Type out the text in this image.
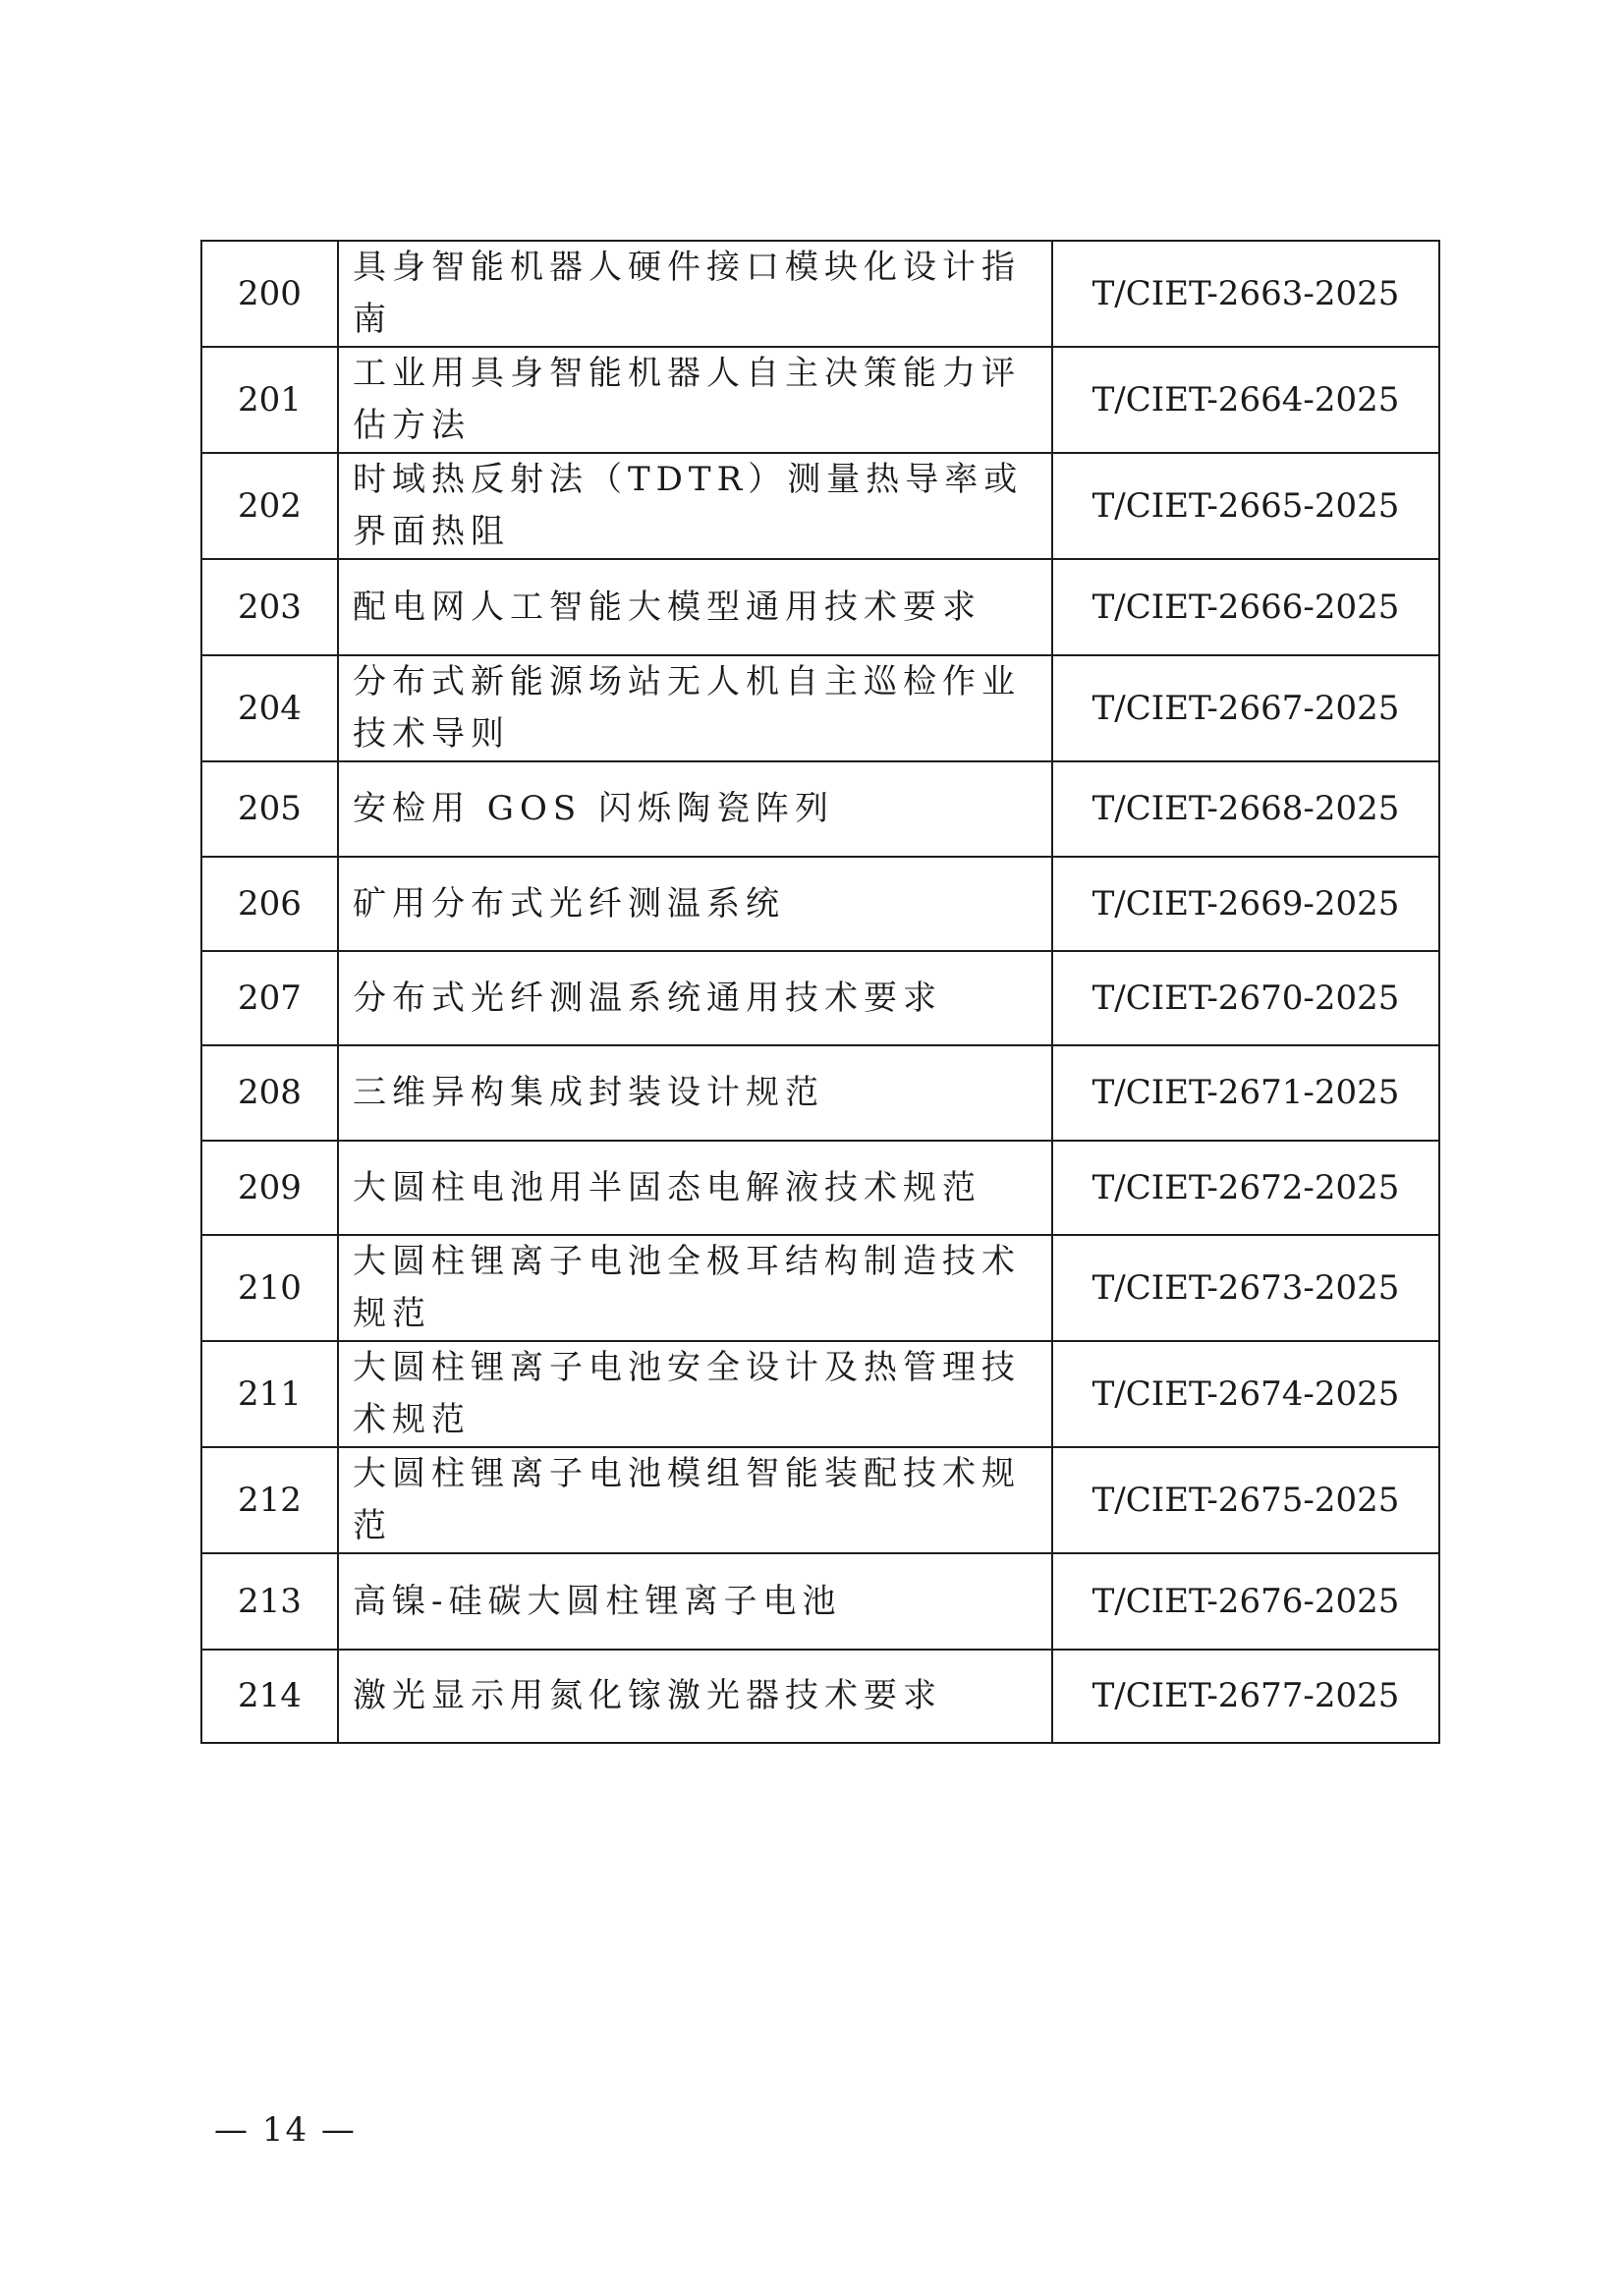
200	具身智能机器人硬件接口模块化设计指南	T/CIET-2663-2025
201	工业用具身智能机器人自主决策能力评估方法	T/CIET-2664-2025
202	时域热反射法（TDTR）测量热导率或界面热阻	T/CIET-2665-2025
203	配电网人工智能大模型通用技术要求	T/CIET-2666-2025
204	分布式新能源场站无人机自主巡检作业技术导则	T/CIET-2667-2025
205	安检用 GOS 闪烁陶瓷阵列	T/CIET-2668-2025
206	矿用分布式光纤测温系统	T/CIET-2669-2025
207	分布式光纤测温系统通用技术要求	T/CIET-2670-2025
208	三维异构集成封装设计规范	T/CIET-2671-2025
209	大圆柱电池用半固态电解液技术规范	T/CIET-2672-2025
210	大圆柱锂离子电池全极耳结构制造技术规范	T/CIET-2673-2025
211	大圆柱锂离子电池安全设计及热管理技术规范	T/CIET-2674-2025
212	大圆柱锂离子电池模组智能装配技术规范	T/CIET-2675-2025
213	高镍-硅碳大圆柱锂离子电池	T/CIET-2676-2025
214	激光显示用氮化镓激光器技术要求	T/CIET-2677-2025
— 14 —
